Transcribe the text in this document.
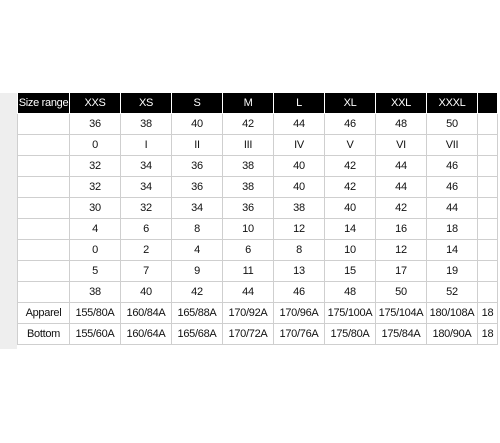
Size range	XXS	XS	S	M	L	XL	XXL	XXXL	
	36	38	40	42	44	46	48	50	
	0	I	II	III	IV	V	VI	VII	
	32	34	36	38	40	42	44	46	
	32	34	36	38	40	42	44	46	
	30	32	34	36	38	40	42	44	
	4	6	8	10	12	14	16	18	
	0	2	4	6	8	10	12	14	
	5	7	9	11	13	15	17	19	
	38	40	42	44	46	48	50	52	
Apparel	155/80A	160/84A	165/88A	170/92A	170/96A	175/100A	175/104A	180/108A	18
Bottom	155/60A	160/64A	165/68A	170/72A	170/76A	175/80A	175/84A	180/90A	18
